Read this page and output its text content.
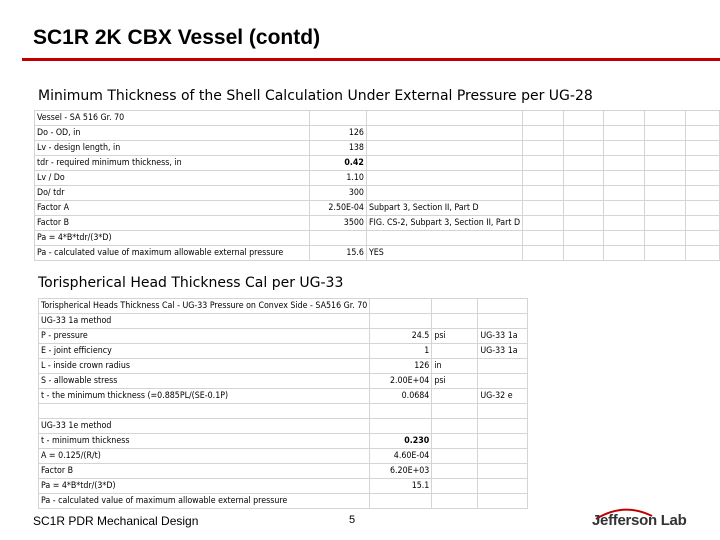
SC1R 2K CBX Vessel (contd)
Minimum Thickness of the Shell Calculation Under External Pressure per UG-28
Vessel - SA 516 Gr. 70							
Do - OD, in	126						
Lv - design length, in	138						
tdr - required minimum thickness, in	0.42						
Lv / Do	1.10						
Do/ tdr	300						
Factor A	2.50E-04	Subpart 3, Section II, Part D					
Factor B	3500	FIG. CS-2, Subpart 3, Section II, Part D					
Pa = 4*B*tdr/(3*D)							
Pa - calculated value of maximum allowable external pressure	15.6	YES					
Torispherical Head Thickness Cal per UG-33
Torispherical Heads Thickness Cal - UG-33 Pressure on Convex Side - SA516 Gr. 70			
UG-33 1a method			
P - pressure	24.5	psi	UG-33 1a
E - joint efficiency	1		UG-33 1a
L - inside crown radius	126	in	
S - allowable stress	2.00E+04	psi	
t - the minimum thickness (=0.885PL/(SE-0.1P)	0.0684		UG-32 e

UG-33 1e method			
t - minimum thickness	0.230		
A = 0.125/(R/t)	4.60E-04		
Factor B	6.20E+03		
Pa = 4*B*tdr/(3*D)	15.1		
Pa - calculated value of maximum allowable external pressure			
SC1R PDR Mechanical Design	5	Jefferson Lab
